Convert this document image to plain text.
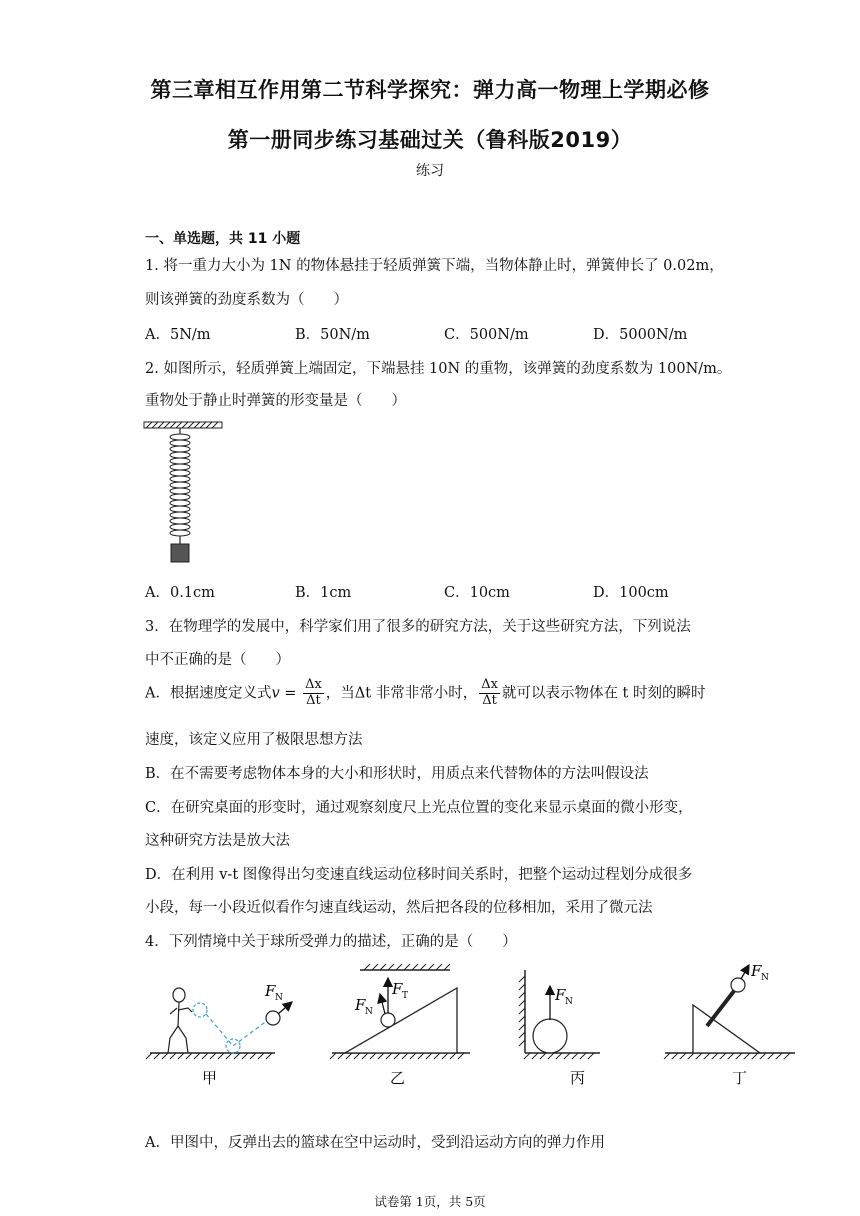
第三章相互作用第二节科学探究：弹力高一物理上学期必修
第一册同步练习基础过关（鲁科版2019）
练习
一、单选题，共 11 小题
1. 将一重力大小为 1N 的物体悬挂于轻质弹簧下端，当物体静止时，弹簧伸长了 0.02m，
则该弹簧的劲度系数为（　　）
A．5N/m	B．50N/m	C．500N/m	D．5000N/m
2. 如图所示，轻质弹簧上端固定，下端悬挂 10N 的重物，该弹簧的劲度系数为 100N/m。
重物处于静止时弹簧的形变量是（　　）
A．0.1cm	B．1cm	C．10cm	D．100cm
3．在物理学的发展中，科学家们用了很多的研究方法，关于这些研究方法，下列说法
中不正确的是（　　）
A．根据速度定义式$v = \frac{\Delta x}{\Delta t}$ ，当Δt 非常非常小时， $\frac{\Delta x}{\Delta t}$ 就可以表示物体在 t 时刻的瞬时
速度，该定义应用了极限思想方法
B．在不需要考虑物体本身的大小和形状时，用质点来代替物体的方法叫假设法
C．在研究桌面的形变时，通过观察刻度尺上光点位置的变化来显示桌面的微小形变，
这种研究方法是放大法
D．在利用 v-t 图像得出匀变速直线运动位移时间关系时，把整个运动过程划分成很多
小段，每一小段近似看作匀速直线运动，然后把各段的位移相加，采用了微元法
4．下列情境中关于球所受弹力的描述，正确的是（　　）
F N
甲
F T
F N
乙
F N
丙
F N
丁
A．甲图中，反弹出去的篮球在空中运动时，受到沿运动方向的弹力作用
试卷第 1页，共 5页
